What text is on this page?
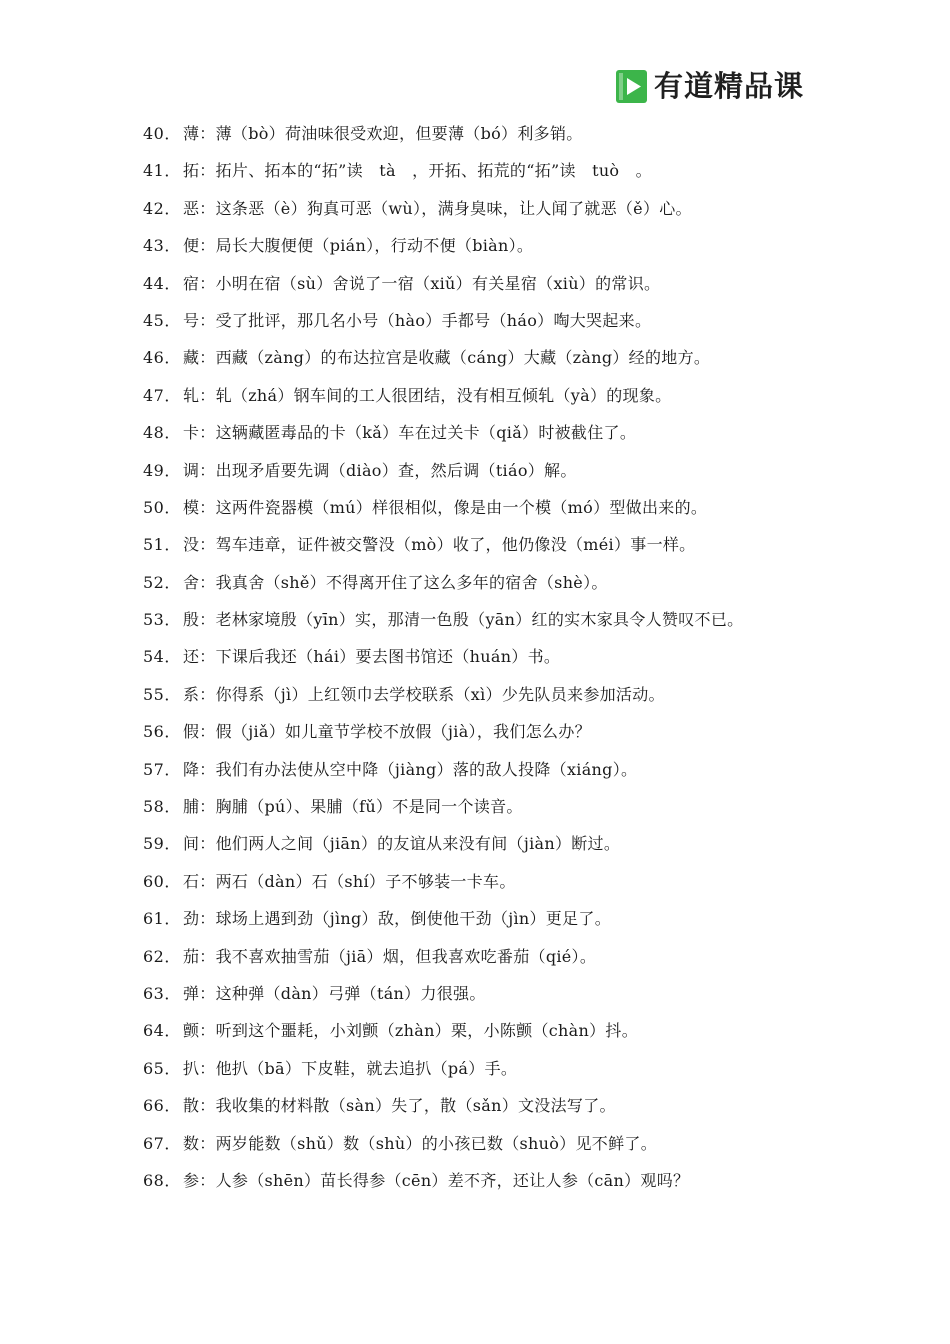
有道精品课
40． 薄：薄（bò）荷油味很受欢迎，但要薄（bó）利多销。
41． 拓：拓片、拓本的“拓”读　tà　，开拓、拓荒的“拓”读　tuò　。
42． 恶：这条恶（è）狗真可恶（wù），满身臭味，让人闻了就恶（ě）心。
43． 便：局长大腹便便（pián），行动不便（biàn）。
44． 宿：小明在宿（sù）舍说了一宿（xiǔ）有关星宿（xiù）的常识。
45． 号：受了批评，那几名小号（hào）手都号（háo）啕大哭起来。
46． 藏：西藏（zàng）的布达拉宫是收藏（cáng）大藏（zàng）经的地方。
47． 轧：轧（zhá）钢车间的工人很团结，没有相互倾轧（yà）的现象。
48． 卡：这辆藏匿毒品的卡（kǎ）车在过关卡（qiǎ）时被截住了。
49． 调：出现矛盾要先调（diào）查，然后调（tiáo）解。
50． 模：这两件瓷器模（mú）样很相似，像是由一个模（mó）型做出来的。
51． 没：驾车违章，证件被交警没（mò）收了，他仍像没（méi）事一样。
52． 舍：我真舍（shě）不得离开住了这么多年的宿舍（shè）。
53． 殷：老林家境殷（yīn）实，那清一色殷（yān）红的实木家具令人赞叹不已。
54． 还：下课后我还（hái）要去图书馆还（huán）书。
55． 系：你得系（jì）上红领巾去学校联系（xì）少先队员来参加活动。
56． 假：假（jiǎ）如儿童节学校不放假（jià），我们怎么办？
57． 降：我们有办法使从空中降（jiàng）落的敌人投降（xiáng）。
58． 脯：胸脯（pú）、果脯（fǔ）不是同一个读音。
59． 间：他们两人之间（jiān）的友谊从来没有间（jiàn）断过。
60． 石：两石（dàn）石（shí）子不够装一卡车。
61． 劲：球场上遇到劲（jìng）敌，倒使他干劲（jìn）更足了。
62． 茄：我不喜欢抽雪茄（jiā）烟，但我喜欢吃番茄（qié）。
63． 弹：这种弹（dàn）弓弹（tán）力很强。
64． 颤：听到这个噩耗，小刘颤（zhàn）栗，小陈颤（chàn）抖。
65． 扒：他扒（bā）下皮鞋，就去追扒（pá）手。
66． 散：我收集的材料散（sàn）失了，散（sǎn）文没法写了。
67． 数：两岁能数（shǔ）数（shù）的小孩已数（shuò）见不鲜了。
68． 参：人参（shēn）苗长得参（cēn）差不齐，还让人参（cān）观吗？
